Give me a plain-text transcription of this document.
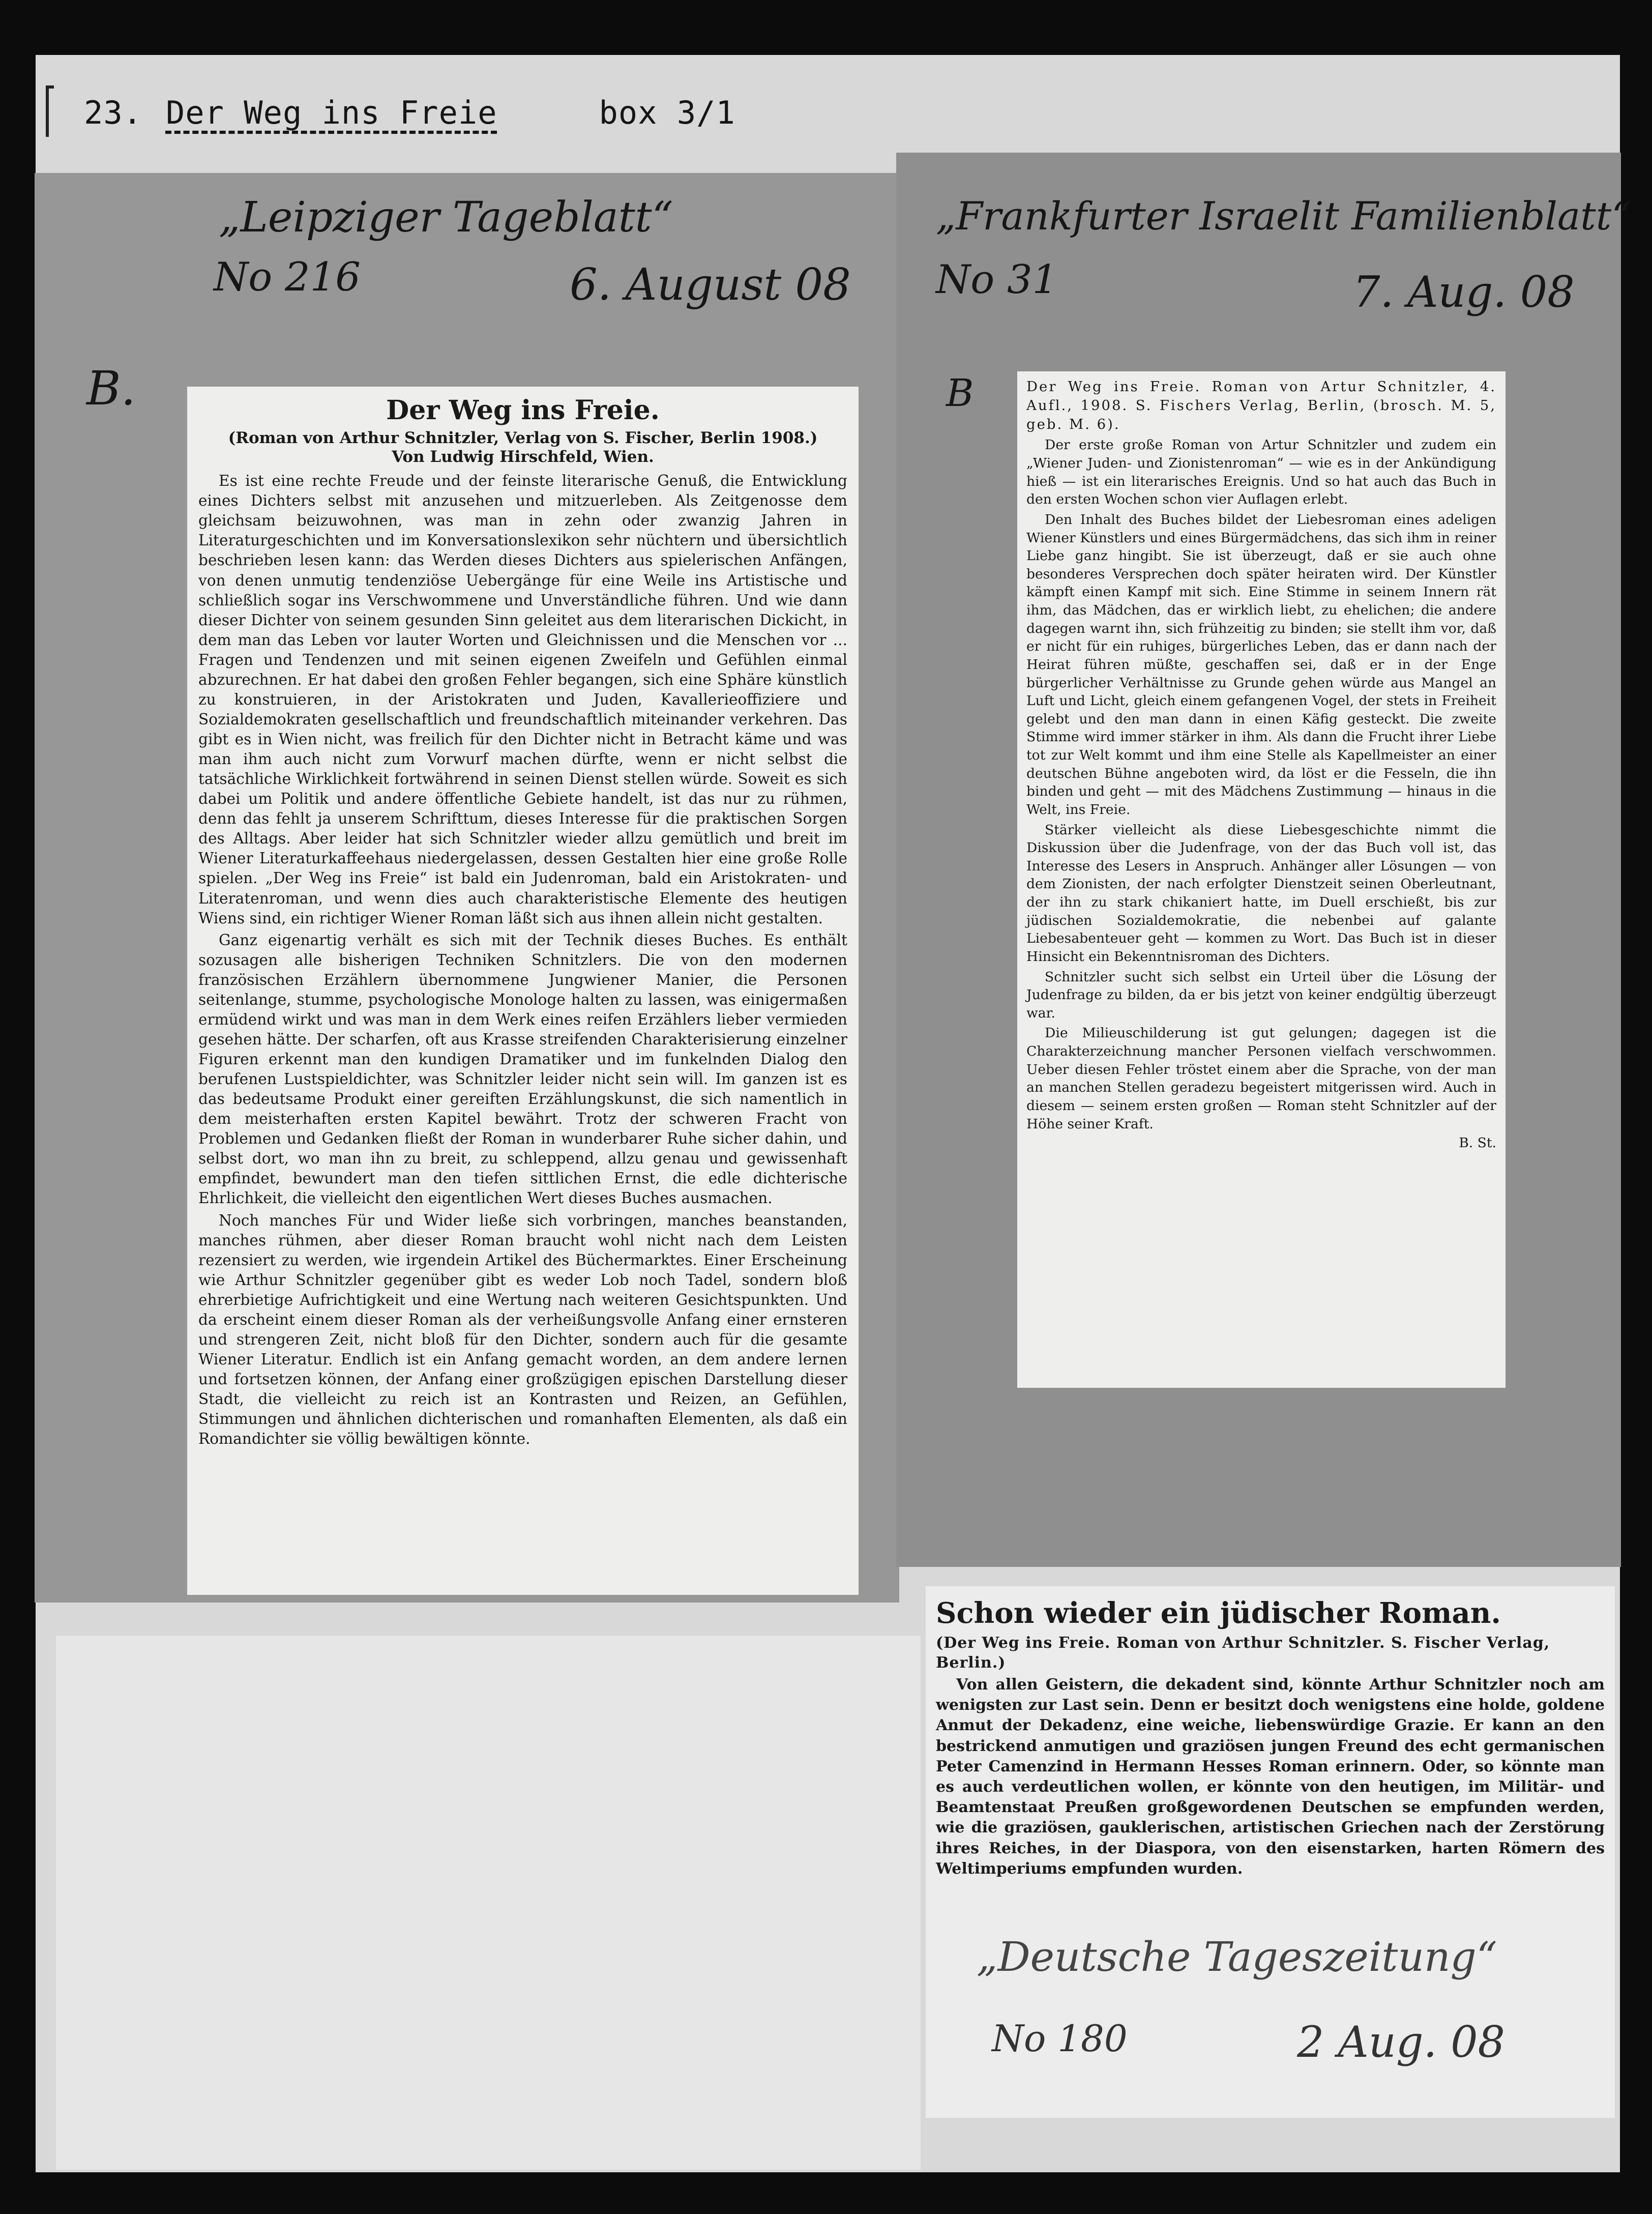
23. Der Weg ins Freie	box 3/1
„Leipziger Tageblatt“
No 216	6. August 08
B.
„Frankfurter Israelit Familienblatt“
No 31	7. Aug. 08
B
Der Weg ins Freie.
(Roman von Arthur Schnitzler, Verlag von S. Fischer, Berlin 1908.)
Von Ludwig Hirschfeld, Wien.

Es ist eine rechte Freude und der feinste literarische Genuß, die Entwicklung eines Dichters selbst mit anzusehen und mitzuerleben. Als Zeitgenosse dem gleichsam beizuwohnen, was man in zehn oder zwanzig Jahren in Literaturgeschichten und im Konversationslexikon sehr nüchtern und übersichtlich beschrieben lesen kann: das Werden dieses Dichters aus spielerischen Anfängen, von denen unmutig tendenziöse Uebergänge für eine Weile ins Artistische und schließlich sogar ins Verschwommene und Unverständliche führen. Und wie dann dieser Dichter von seinem gesunden Sinn geleitet aus dem literarischen Dickicht, in dem man das Leben vor lauter Worten und Gleichnissen und die Menschen vor ... Fragen und Tendenzen und mit seinen eigenen Zweifeln und Gefühlen einmal abzurechnen. Er hat dabei den großen Fehler begangen, sich eine Sphäre künstlich zu konstruieren, in der Aristokraten und Juden, Kavallerieoffiziere und Sozialdemokraten gesellschaftlich und freundschaftlich miteinander verkehren. Das gibt es in Wien nicht, was freilich für den Dichter nicht in Betracht käme und was man ihm auch nicht zum Vorwurf machen dürfte, wenn er nicht selbst die tatsächliche Wirklichkeit fortwährend in seinen Dienst stellen würde. Soweit es sich dabei um Politik und andere öffentliche Gebiete handelt, ist das nur zu rühmen, denn das fehlt ja unserem Schrifttum, dieses Interesse für die praktischen Sorgen des Alltags. Aber leider hat sich Schnitzler wieder allzu gemütlich und breit im Wiener Literaturkaffeehaus niedergelassen, dessen Gestalten hier eine große Rolle spielen. „Der Weg ins Freie“ ist bald ein Judenroman, bald ein Aristokraten- und Literatenroman, und wenn dies auch charakteristische Elemente des heutigen Wiens sind, ein richtiger Wiener Roman läßt sich aus ihnen allein nicht gestalten.

Ganz eigenartig verhält es sich mit der Technik dieses Buches. Es enthält sozusagen alle bisherigen Techniken Schnitzlers. Die von den modernen französischen Erzählern übernommene Jungwiener Manier, die Personen seitenlange, stumme, psychologische Monologe halten zu lassen, was einigermaßen ermüdend wirkt und was man in dem Werk eines reifen Erzählers lieber vermieden gesehen hätte. Der scharfen, oft aus Krasse streifenden Charakterisierung einzelner Figuren erkennt man den kundigen Dramatiker und im funkelnden Dialog den berufenen Lustspieldichter, was Schnitzler leider nicht sein will. Im ganzen ist es das bedeutsame Produkt einer gereiften Erzählungskunst, die sich namentlich in dem meisterhaften ersten Kapitel bewährt. Trotz der schweren Fracht von Problemen und Gedanken fließt der Roman in wunderbarer Ruhe sicher dahin, und selbst dort, wo man ihn zu breit, zu schleppend, allzu genau und gewissenhaft empfindet, bewundert man den tiefen sittlichen Ernst, die edle dichterische Ehrlichkeit, die vielleicht den eigentlichen Wert dieses Buches ausmachen.

Noch manches Für und Wider ließe sich vorbringen, manches beanstanden, manches rühmen, aber dieser Roman braucht wohl nicht nach dem Leisten rezensiert zu werden, wie irgendein Artikel des Büchermarktes. Einer Erscheinung wie Arthur Schnitzler gegenüber gibt es weder Lob noch Tadel, sondern bloß ehrerbietige Aufrichtigkeit und eine Wertung nach weiteren Gesichtspunkten. Und da erscheint einem dieser Roman als der verheißungsvolle Anfang einer ernsteren und strengeren Zeit, nicht bloß für den Dichter, sondern auch für die gesamte Wiener Literatur. Endlich ist ein Anfang gemacht worden, an dem andere lernen und fortsetzen können, der Anfang einer großzügigen epischen Darstellung dieser Stadt, die vielleicht zu reich ist an Kontrasten und Reizen, an Gefühlen, Stimmungen und ähnlichen dichterischen und romanhaften Elementen, als daß ein Romandichter sie völlig bewältigen könnte.

Der Weg ins Freie. Roman von Artur Schnitzler, 4. Aufl., 1908. S. Fischers Verlag, Berlin, (brosch. M. 5, geb. M. 6).

Der erste große Roman von Artur Schnitzler und zudem ein „Wiener Juden- und Zionistenroman“ — wie es in der Ankündigung hieß — ist ein literarisches Ereignis. Und so hat auch das Buch in den ersten Wochen schon vier Auflagen erlebt.

Den Inhalt des Buches bildet der Liebesroman eines adeligen Wiener Künstlers und eines Bürgermädchens, das sich ihm in reiner Liebe ganz hingibt. Sie ist überzeugt, daß er sie auch ohne besonderes Versprechen doch später heiraten wird. Der Künstler kämpft einen Kampf mit sich. Eine Stimme in seinem Innern rät ihm, das Mädchen, das er wirklich liebt, zu ehelichen; die andere dagegen warnt ihn, sich frühzeitig zu binden; sie stellt ihm vor, daß er nicht für ein ruhiges, bürgerliches Leben, das er dann nach der Heirat führen müßte, geschaffen sei, daß er in der Enge bürgerlicher Verhältnisse zu Grunde gehen würde aus Mangel an Luft und Licht, gleich einem gefangenen Vogel, der stets in Freiheit gelebt und den man dann in einen Käfig gesteckt. Die zweite Stimme wird immer stärker in ihm. Als dann die Frucht ihrer Liebe tot zur Welt kommt und ihm eine Stelle als Kapellmeister an einer deutschen Bühne angeboten wird, da löst er die Fesseln, die ihn binden und geht — mit des Mädchens Zustimmung — hinaus in die Welt, ins Freie.

Stärker vielleicht als diese Liebesgeschichte nimmt die Diskussion über die Judenfrage, von der das Buch voll ist, das Interesse des Lesers in Anspruch. Anhänger aller Lösungen — von dem Zionisten, der nach erfolgter Dienstzeit seinen Oberleutnant, der ihn zu stark chikaniert hatte, im Duell erschießt, bis zur jüdischen Sozialdemokratie, die nebenbei auf galante Liebesabenteuer geht — kommen zu Wort. Das Buch ist in dieser Hinsicht ein Bekenntnisroman des Dichters.

Schnitzler sucht sich selbst ein Urteil über die Lösung der Judenfrage zu bilden, da er bis jetzt von keiner endgültig überzeugt war.

Die Milieuschilderung ist gut gelungen; dagegen ist die Charakterzeichnung mancher Personen vielfach verschwommen. Ueber diesen Fehler tröstet einem aber die Sprache, von der man an manchen Stellen geradezu begeistert mitgerissen wird. Auch in diesem — seinem ersten großen — Roman steht Schnitzler auf der Höhe seiner Kraft.

B. St.
Schon wieder ein jüdischer Roman.
(Der Weg ins Freie. Roman von Arthur Schnitzler. S. Fischer Verlag, Berlin.)

Von allen Geistern, die dekadent sind, könnte Arthur Schnitzler noch am wenigsten zur Last sein. Denn er besitzt doch wenigstens eine holde, goldene Anmut der Dekadenz, eine weiche, liebenswürdige Grazie. Er kann an den bestrickend anmutigen und graziösen jungen Freund des echt germanischen Peter Camenzind in Hermann Hesses Roman erinnern. Oder, so könnte man es auch verdeutlichen wollen, er könnte von den heutigen, im Militär- und Beamtenstaat Preußen großgewordenen Deutschen se empfunden werden, wie die graziösen, gauklerischen, artistischen Griechen nach der Zerstörung ihres Reiches, in der Diaspora, von den eisenstarken, harten Römern des Weltimperiums empfunden wurden.

„Deutsche Tageszeitung“
No 180	2 Aug. 08
